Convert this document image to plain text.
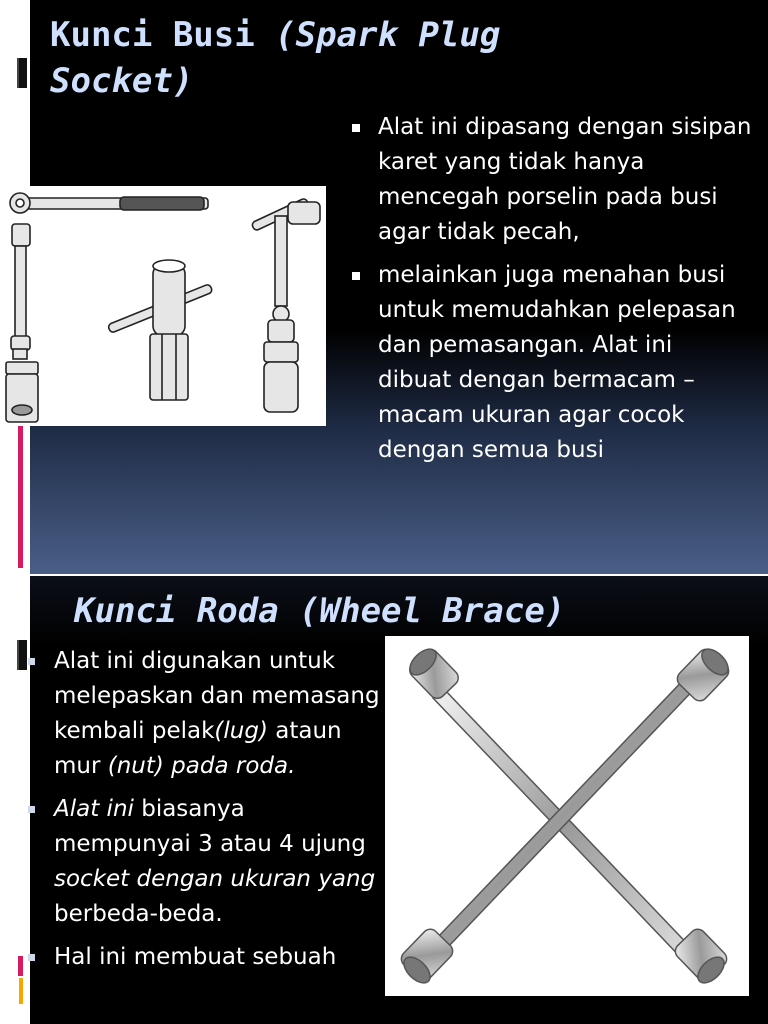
Kunci Busi (Spark Plug Socket)
Alat ini dipasang dengan sisipan karet yang tidak hanya mencegah porselin pada busi agar tidak pecah,
melainkan juga menahan busi untuk memudahkan pelepasan dan pemasangan. Alat ini dibuat dengan bermacam – macam ukuran agar cocok dengan semua busi
Kunci Roda (Wheel Brace)
Alat ini digunakan untuk melepaskan dan memasang kembali pelak(lug) ataun mur (nut) pada roda.
Alat ini biasanya mempunyai 3 atau 4 ujung socket dengan ukuran yang berbeda-beda.
Hal ini membuat sebuah
